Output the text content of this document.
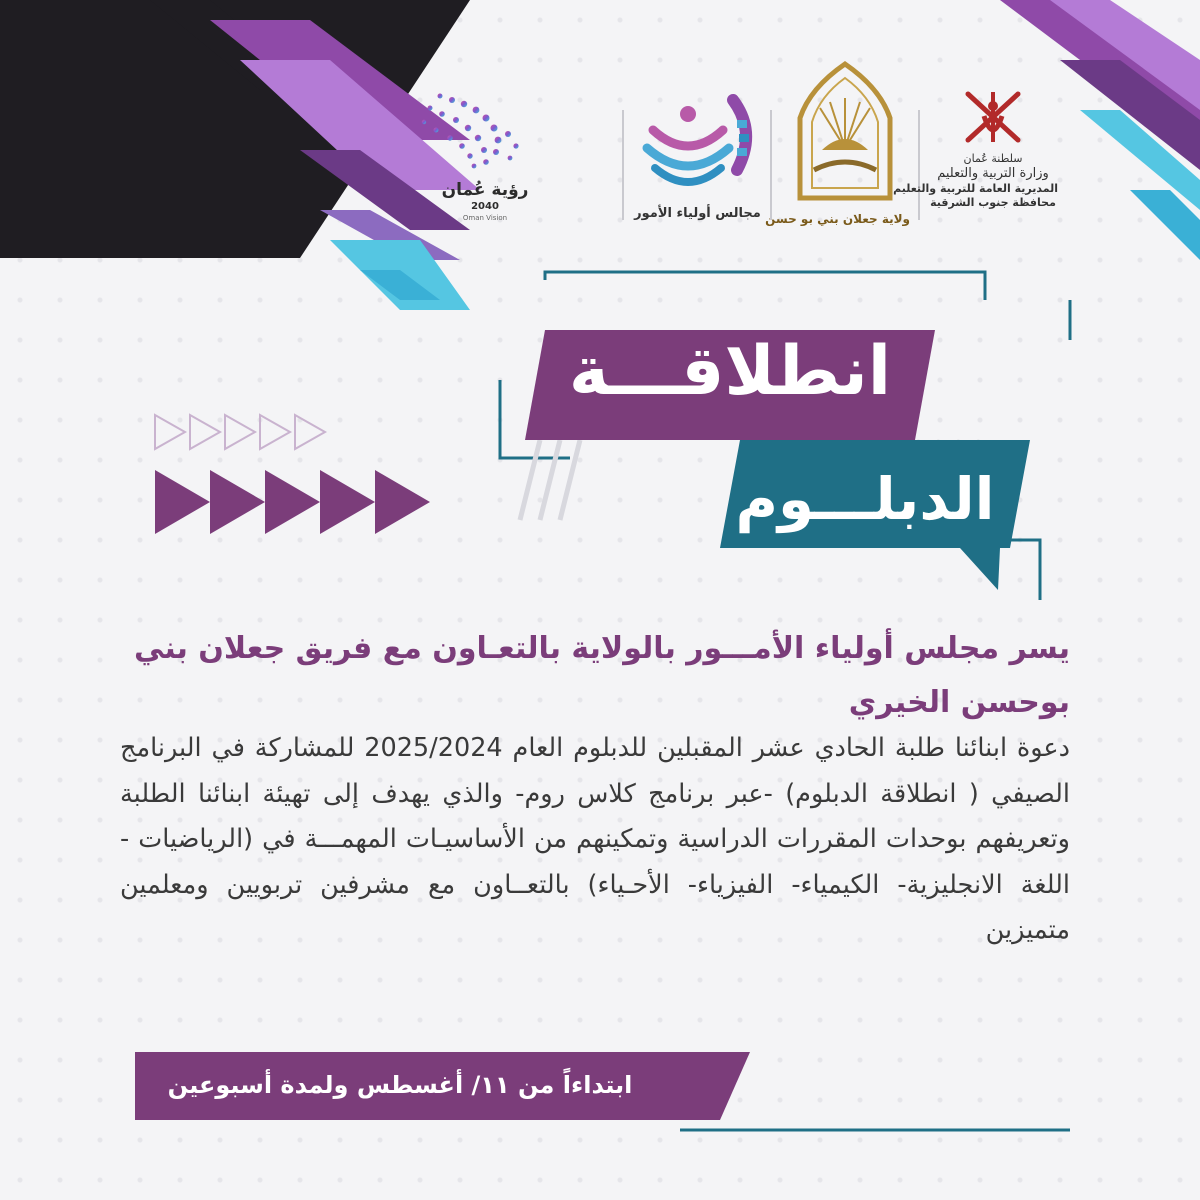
رؤية عُمان
2040
Oman Vision	مجالس أولياء الأمور ولاية جعلان بني بو حسن
سلطنة عُمان
وزارة التربية والتعليم
المديرية العامة للتربية والتعليم
محافظة جنوب الشرقية
انطلاقـــة
الدبلـــوم
يسر مجلس أولياء الأمـــور بالولاية بالتعـاون مع فريق جعلان بني بوحسن الخيري
دعوة ابنائنا طلبة الحادي عشر المقبلين للدبلوم العام 2025/2024 للمشاركة في البرنامج الصيفي ( انطلاقة الدبلوم) -عبر برنامج كلاس روم- والذي يهدف إلى تهيئة ابنائنا الطلبة وتعريفهم بوحدات المقررات الدراسية وتمكينهم من الأساسيـات المهمـــة في (الرياضيات - اللغة الانجليزية- الكيمياء- الفيزياء- الأحـياء) بالتعــاون مع مشرفين تربويين ومعلمين متميزين
ابتداءاً من ١١/ أغسطس ولمدة أسبوعين
